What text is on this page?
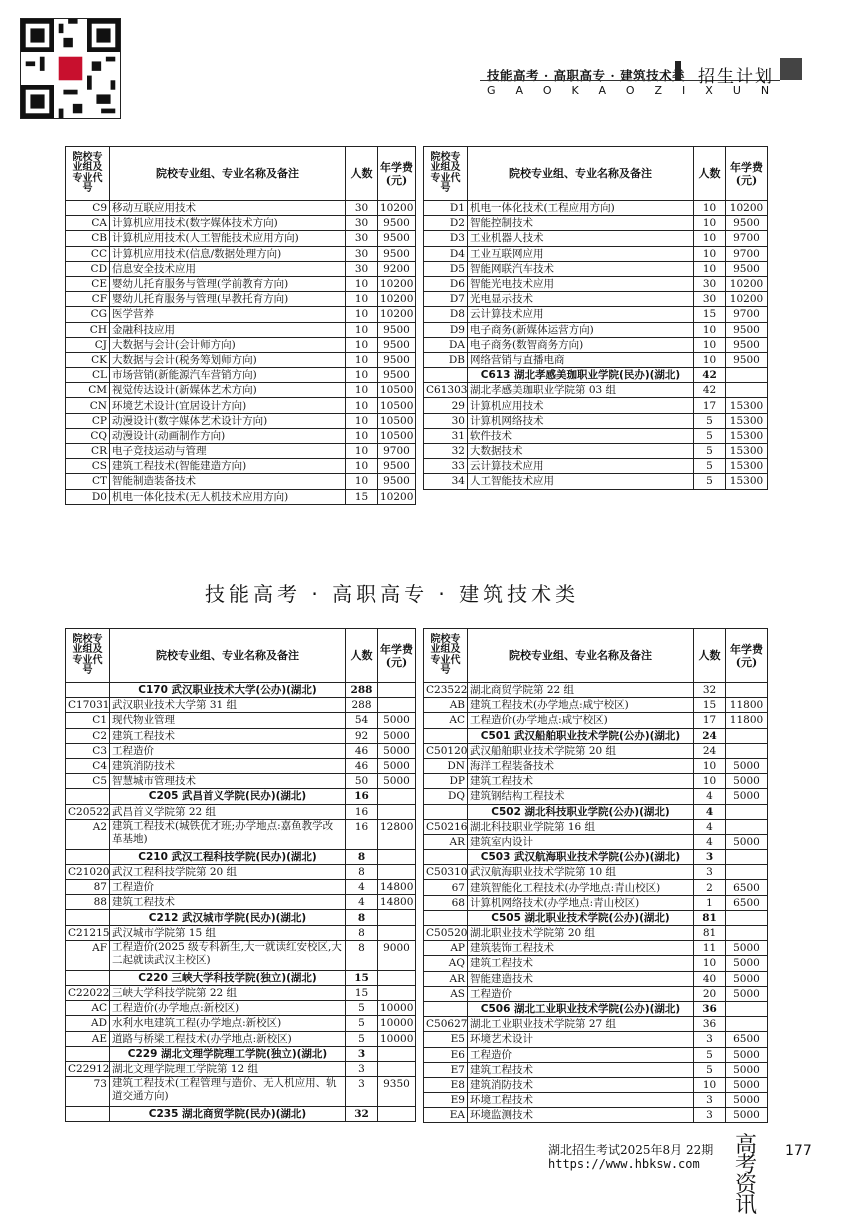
技能高考 · 高职高专 · 建筑技术类 招生计划
GAOKAOZIXUN
院校专业组及专业代号	院校专业组、专业名称及备注	人数	年学费(元)
C9	移动互联应用技术	30	10200
CA	计算机应用技术(数字媒体技术方向)	30	9500
CB	计算机应用技术(人工智能技术应用方向)	30	9500
CC	计算机应用技术(信息/数据处理方向)	30	9500
CD	信息安全技术应用	30	9200
CE	婴幼儿托育服务与管理(学前教育方向)	10	10200
CF	婴幼儿托育服务与管理(早教托育方向)	10	10200
CG	医学营养	10	10200
CH	金融科技应用	10	9500
CJ	大数据与会计(会计师方向)	10	9500
CK	大数据与会计(税务筹划师方向)	10	9500
CL	市场营销(新能源汽车营销方向)	10	9500
CM	视觉传达设计(新媒体艺术方向)	10	10500
CN	环境艺术设计(宜居设计方向)	10	10500
CP	动漫设计(数字媒体艺术设计方向)	10	10500
CQ	动漫设计(动画制作方向)	10	10500
CR	电子竞技运动与管理	10	9700
CS	建筑工程技术(智能建造方向)	10	9500
CT	智能制造装备技术	10	9500
D0	机电一体化技术(无人机技术应用方向)	15	10200
院校专业组及专业代号	院校专业组、专业名称及备注	人数	年学费(元)
D1	机电一体化技术(工程应用方向)	10	10200
D2	智能控制技术	10	9500
D3	工业机器人技术	10	9700
D4	工业互联网应用	10	9700
D5	智能网联汽车技术	10	9500
D6	智能光电技术应用	30	10200
D7	光电显示技术	30	10200
D8	云计算技术应用	15	9700
D9	电子商务(新媒体运营方向)	10	9500
DA	电子商务(数智商务方向)	10	9500
DB	网络营销与直播电商	10	9500
	C613 湖北孝感美珈职业学院(民办)(湖北)	42	
C61303	湖北孝感美珈职业学院第 03 组	42	
29	计算机应用技术	17	15300
30	计算机网络技术	5	15300
31	软件技术	5	15300
32	大数据技术	5	15300
33	云计算技术应用	5	15300
34	人工智能技术应用	5	15300
技能高考 · 高职高专 · 建筑技术类
院校专业组及专业代号	院校专业组、专业名称及备注	人数	年学费(元)
	C170 武汉职业技术大学(公办)(湖北)	288	
C17031	武汉职业技术大学第 31 组	288	
C1	现代物业管理	54	5000
C2	建筑工程技术	92	5000
C3	工程造价	46	5000
C4	建筑消防技术	46	5000
C5	智慧城市管理技术	50	5000
	C205 武昌首义学院(民办)(湖北)	16	
C20522	武昌首义学院第 22 组	16	
A2	建筑工程技术(城铁优才班;办学地点:嘉鱼教学改革基地)	16	12800
	C210 武汉工程科技学院(民办)(湖北)	8	
C21020	武汉工程科技学院第 20 组	8	
87	工程造价	4	14800
88	建筑工程技术	4	14800
	C212 武汉城市学院(民办)(湖北)	8	
C21215	武汉城市学院第 15 组	8	
AF	工程造价(2025 级专科新生,大一就读红安校区,大二起就读武汉主校区)	8	9000
	C220 三峡大学科技学院(独立)(湖北)	15	
C22022	三峡大学科技学院第 22 组	15	
AC	工程造价(办学地点:新校区)	5	10000
AD	水利水电建筑工程(办学地点:新校区)	5	10000
AE	道路与桥梁工程技术(办学地点:新校区)	5	10000
	C229 湖北文理学院理工学院(独立)(湖北)	3	
C22912	湖北文理学院理工学院第 12 组	3	
73	建筑工程技术(工程管理与造价、无人机应用、轨道交通方向)	3	9350
	C235 湖北商贸学院(民办)(湖北)	32	
院校专业组及专业代号	院校专业组、专业名称及备注	人数	年学费(元)
C23522	湖北商贸学院第 22 组	32	
AB	建筑工程技术(办学地点:咸宁校区)	15	11800
AC	工程造价(办学地点:咸宁校区)	17	11800
	C501 武汉船舶职业技术学院(公办)(湖北)	24	
C50120	武汉船舶职业技术学院第 20 组	24	
DN	海洋工程装备技术	10	5000
DP	建筑工程技术	10	5000
DQ	建筑钢结构工程技术	4	5000
	C502 湖北科技职业学院(公办)(湖北)	4	
C50216	湖北科技职业学院第 16 组	4	
AR	建筑室内设计	4	5000
	C503 武汉航海职业技术学院(公办)(湖北)	3	
C50310	武汉航海职业技术学院第 10 组	3	
67	建筑智能化工程技术(办学地点:青山校区)	2	6500
68	计算机网络技术(办学地点:青山校区)	1	6500
	C505 湖北职业技术学院(公办)(湖北)	81	
C50520	湖北职业技术学院第 20 组	81	
AP	建筑装饰工程技术	11	5000
AQ	建筑工程技术	10	5000
AR	智能建造技术	40	5000
AS	工程造价	20	5000
	C506 湖北工业职业技术学院(公办)(湖北)	36	
C50627	湖北工业职业技术学院第 27 组	36	
E5	环境艺术设计	3	6500
E6	工程造价	5	5000
E7	建筑工程技术	5	5000
E8	建筑消防技术	10	5000
E9	环境工程技术	3	5000
EA	环境监测技术	3	5000
湖北招生考试2025年8月 22期
https://www.hbksw.com
高考资讯
177
